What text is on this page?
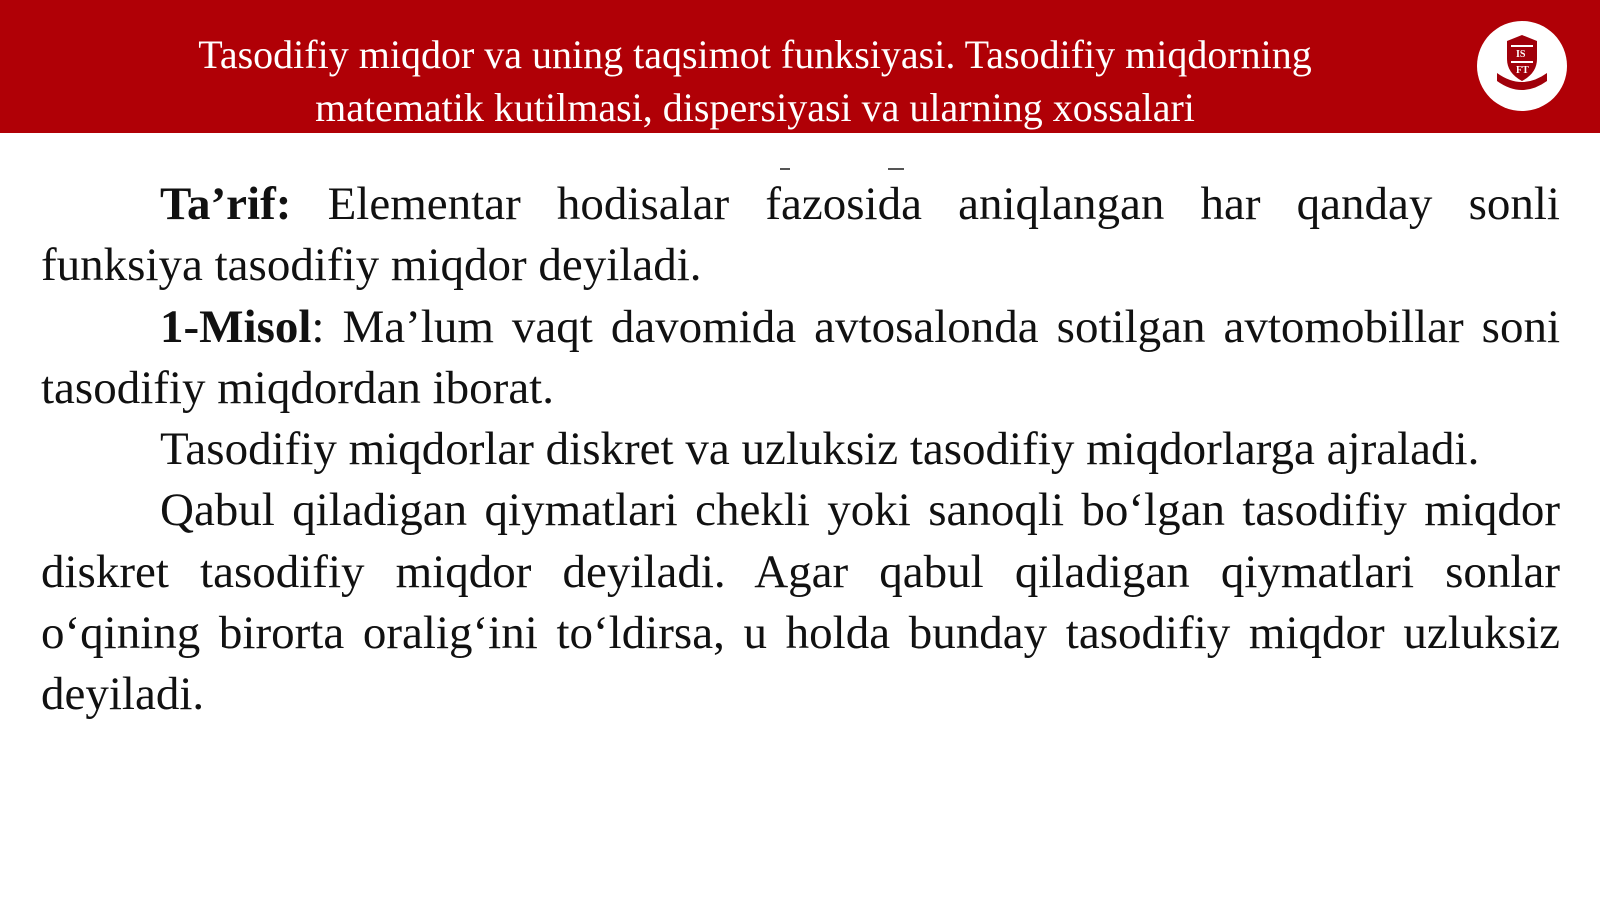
Tasodifiy miqdor va uning taqsimot funksiyasi. Tasodifiy miqdorning matematik kutilmasi, dispersiyasi va ularning xossalari
IS
FT

Ta’rif: Elementar hodisalar fazosida aniqlangan har qanday sonli funksiya tasodifiy miqdor deyiladi.

1-Misol: Ma’lum vaqt davomida avtosalonda sotilgan avtomobillar soni tasodifiy miqdordan iborat.

Tasodifiy miqdorlar diskret va uzluksiz tasodifiy miqdorlarga ajraladi.

Qabul qiladigan qiymatlari chekli yoki sanoqli bo‘lgan tasodifiy miqdor diskret tasodifiy miqdor deyiladi. Agar qabul qiladigan qiymatlari sonlar o‘qining birorta oralig‘ini to‘ldirsa, u holda bunday tasodifiy miqdor uzluksiz deyiladi.
